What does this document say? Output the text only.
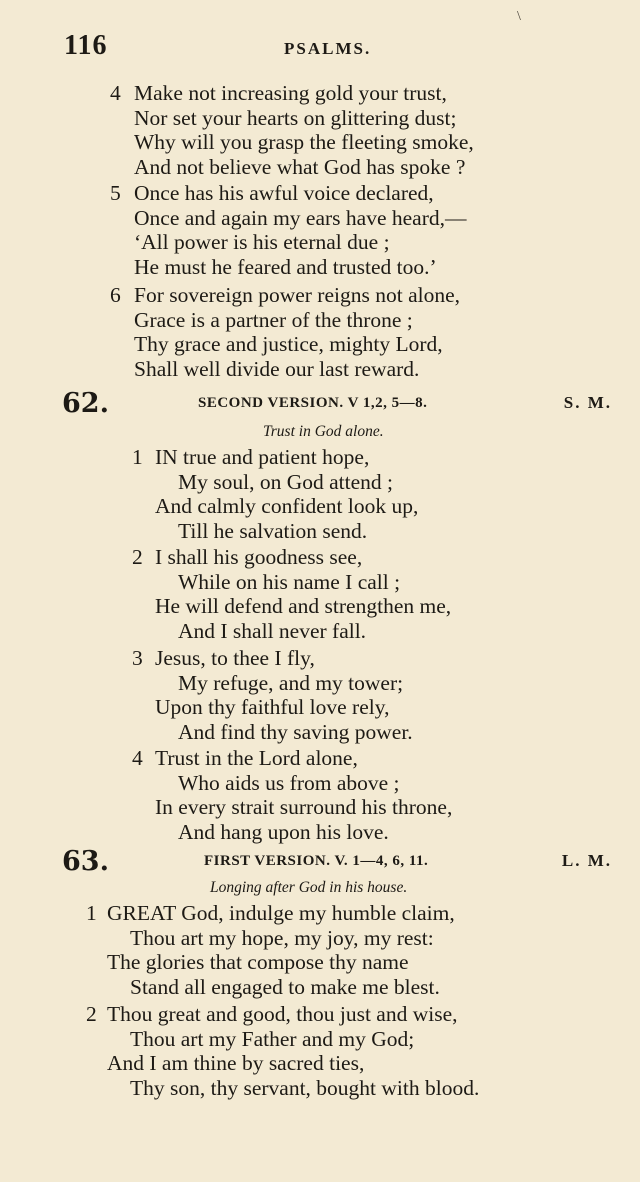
\
116	PSALMS.
4 Make not increasing gold your trust,
Nor set your hearts on glittering dust;
Why will you grasp the fleeting smoke,
And not believe what God has spoke ?
5 Once has his awful voice declared,
Once and again my ears have heard,—
‘All power is his eternal due ;
He must he feared and trusted too.’
6 For sovereign power reigns not alone,
Grace is a partner of the throne ;
Thy grace and justice, mighty Lord,
Shall well divide our last reward.
62.	SECOND VERSION. V 1,2, 5—8.	S. M.
Trust in God alone.
1 IN true and patient hope,
My soul, on God attend ;
And calmly confident look up,
Till he salvation send.
2 I shall his goodness see,
While on his name I call ;
He will defend and strengthen me,
And I shall never fall.
3 Jesus, to thee I fly,
My refuge, and my tower;
Upon thy faithful love rely,
And find thy saving power.
4 Trust in the Lord alone,
Who aids us from above ;
In every strait surround his throne,
And hang upon his love.
63.	FIRST VERSION. V. 1—4, 6, 11.	L. M.
Longing after God in his house.
1 GREAT God, indulge my humble claim,
Thou art my hope, my joy, my rest:
The glories that compose thy name
Stand all engaged to make me blest.
2 Thou great and good, thou just and wise,
Thou art my Father and my God;
And I am thine by sacred ties,
Thy son, thy servant, bought with blood.
